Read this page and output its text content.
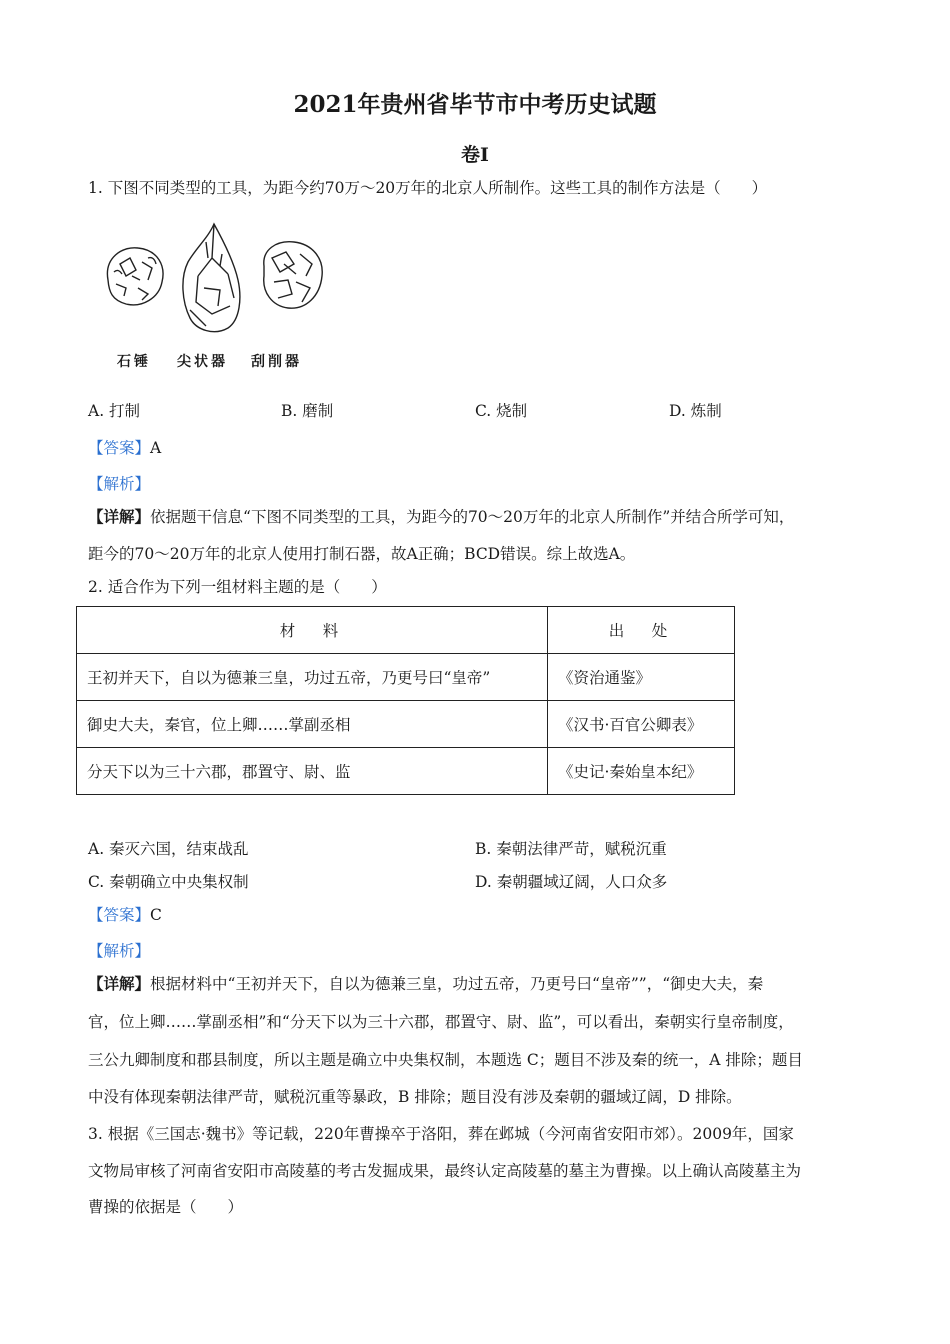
2021年贵州省毕节市中考历史试题
卷Ⅰ
1. 下图不同类型的工具，为距今约70万～20万年的北京人所制作。这些工具的制作方法是（　　）
石锤 尖状器 刮削器
A. 打制	B. 磨制	C. 烧制	D. 炼制
【答案】A
【解析】
【详解】依据题干信息“下图不同类型的工具，为距今的70～20万年的北京人所制作”并结合所学可知，
距今的70～20万年的北京人使用打制石器，故A正确；BCD错误。综上故选A。
2. 适合作为下列一组材料主题的是（　　）
材　料	出　处
王初并天下，自以为德兼三皇，功过五帝，乃更号曰“皇帝”	《资治通鉴》
御史大夫，秦官，位上卿……掌副丞相	《汉书·百官公卿表》
分天下以为三十六郡，郡置守、尉、监	《史记·秦始皇本纪》
A. 秦灭六国，结束战乱	B. 秦朝法律严苛，赋税沉重
C. 秦朝确立中央集权制	D. 秦朝疆域辽阔，人口众多
【答案】C
【解析】
【详解】根据材料中“王初并天下，自以为德兼三皇，功过五帝，乃更号曰“皇帝””，“御史大夫，秦
官，位上卿……掌副丞相”和“分天下以为三十六郡，郡置守、尉、监”，可以看出，秦朝实行皇帝制度，
三公九卿制度和郡县制度，所以主题是确立中央集权制，本题选 C；题目不涉及秦的统一，A 排除；题目
中没有体现秦朝法律严苛，赋税沉重等暴政，B 排除；题目没有涉及秦朝的疆域辽阔，D 排除。
3. 根据《三国志·魏书》等记载，220年曹操卒于洛阳，葬在邺城（今河南省安阳市郊）。2009年，国家
文物局审核了河南省安阳市高陵墓的考古发掘成果，最终认定高陵墓的墓主为曹操。以上确认高陵墓主为
曹操的依据是（　　）
